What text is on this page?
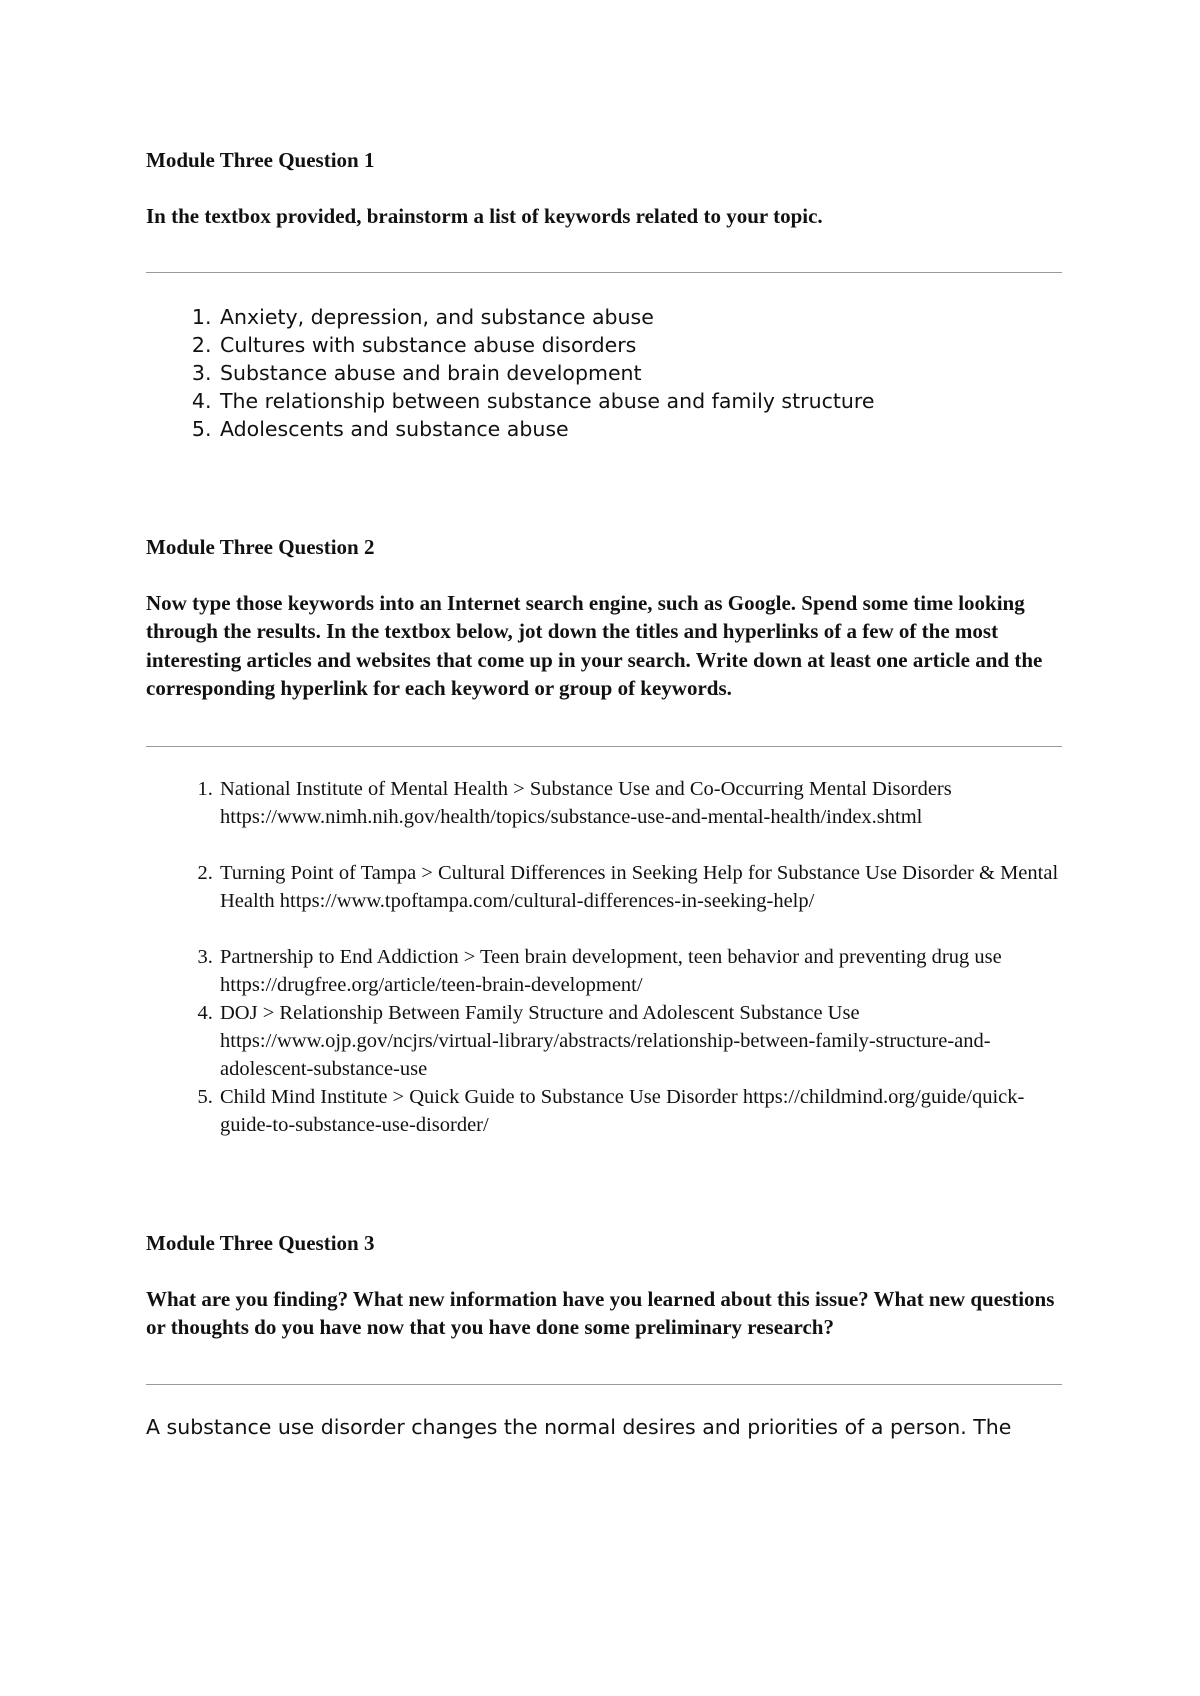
Module Three Question 1

In the textbox provided, brainstorm a list of keywords related to your topic.

1. Anxiety, depression, and substance abuse
2. Cultures with substance abuse disorders
3. Substance abuse and brain development
4. The relationship between substance abuse and family structure
5. Adolescents and substance abuse

Module Three Question 2

Now type those keywords into an Internet search engine, such as Google. Spend some time looking through the results. In the textbox below, jot down the titles and hyperlinks of a few of the most interesting articles and websites that come up in your search. Write down at least one article and the corresponding hyperlink for each keyword or group of keywords.

1. National Institute of Mental Health > Substance Use and Co-Occurring Mental Disorders https://www.nimh.nih.gov/health/topics/substance-use-and-mental-health/index.shtml
2. Turning Point of Tampa > Cultural Differences in Seeking Help for Substance Use Disorder & Mental Health https://www.tpoftampa.com/cultural-differences-in-seeking-help/
3. Partnership to End Addiction > Teen brain development, teen behavior and preventing drug use https://drugfree.org/article/teen-brain-development/
4. DOJ > Relationship Between Family Structure and Adolescent Substance Use https://www.ojp.gov/ncjrs/virtual-library/abstracts/relationship-between-family-structure-and-adolescent-substance-use
5. Child Mind Institute > Quick Guide to Substance Use Disorder https://childmind.org/guide/quick-guide-to-substance-use-disorder/

Module Three Question 3

What are you finding? What new information have you learned about this issue? What new questions or thoughts do you have now that you have done some preliminary research?

A substance use disorder changes the normal desires and priorities of a person. The
